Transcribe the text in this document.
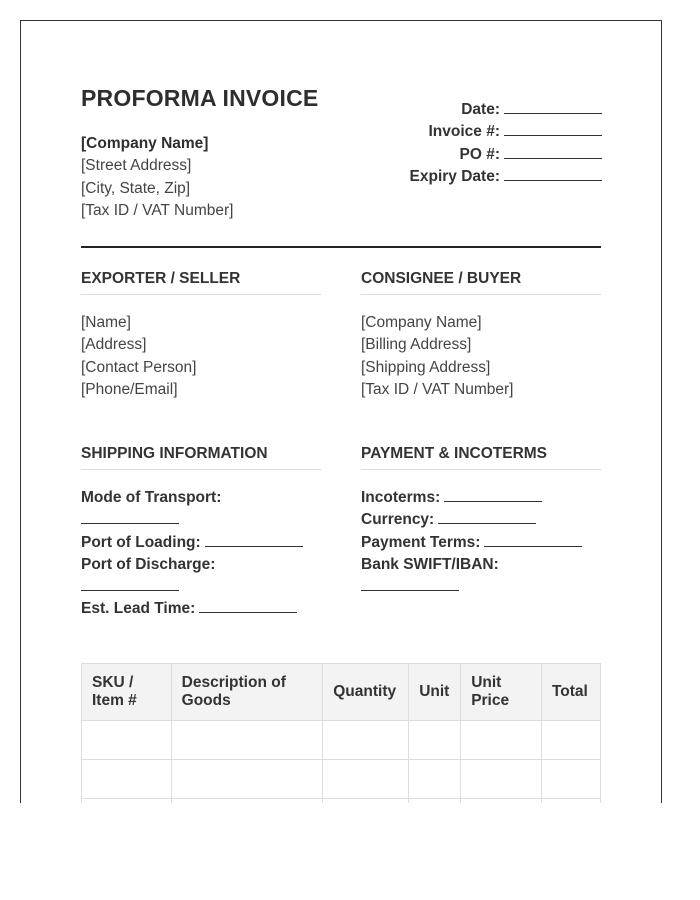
PROFORMA INVOICE
[Company Name]
[Street Address]
[City, State, Zip]
[Tax ID / VAT Number]
Date:
Invoice #:
PO #:
Expiry Date:
EXPORTER / SELLER
[Name]
[Address]
[Contact Person]
[Phone/Email]
CONSIGNEE / BUYER
[Company Name]
[Billing Address]
[Shipping Address]
[Tax ID / VAT Number]
SHIPPING INFORMATION
Mode of Transport:
Port of Loading:
Port of Discharge:
Est. Lead Time:
PAYMENT & INCOTERMS
Incoterms:
Currency:
Payment Terms:
Bank SWIFT/IBAN:
SKU / Item #	Description of Goods	Quantity	Unit	Unit Price	Total
